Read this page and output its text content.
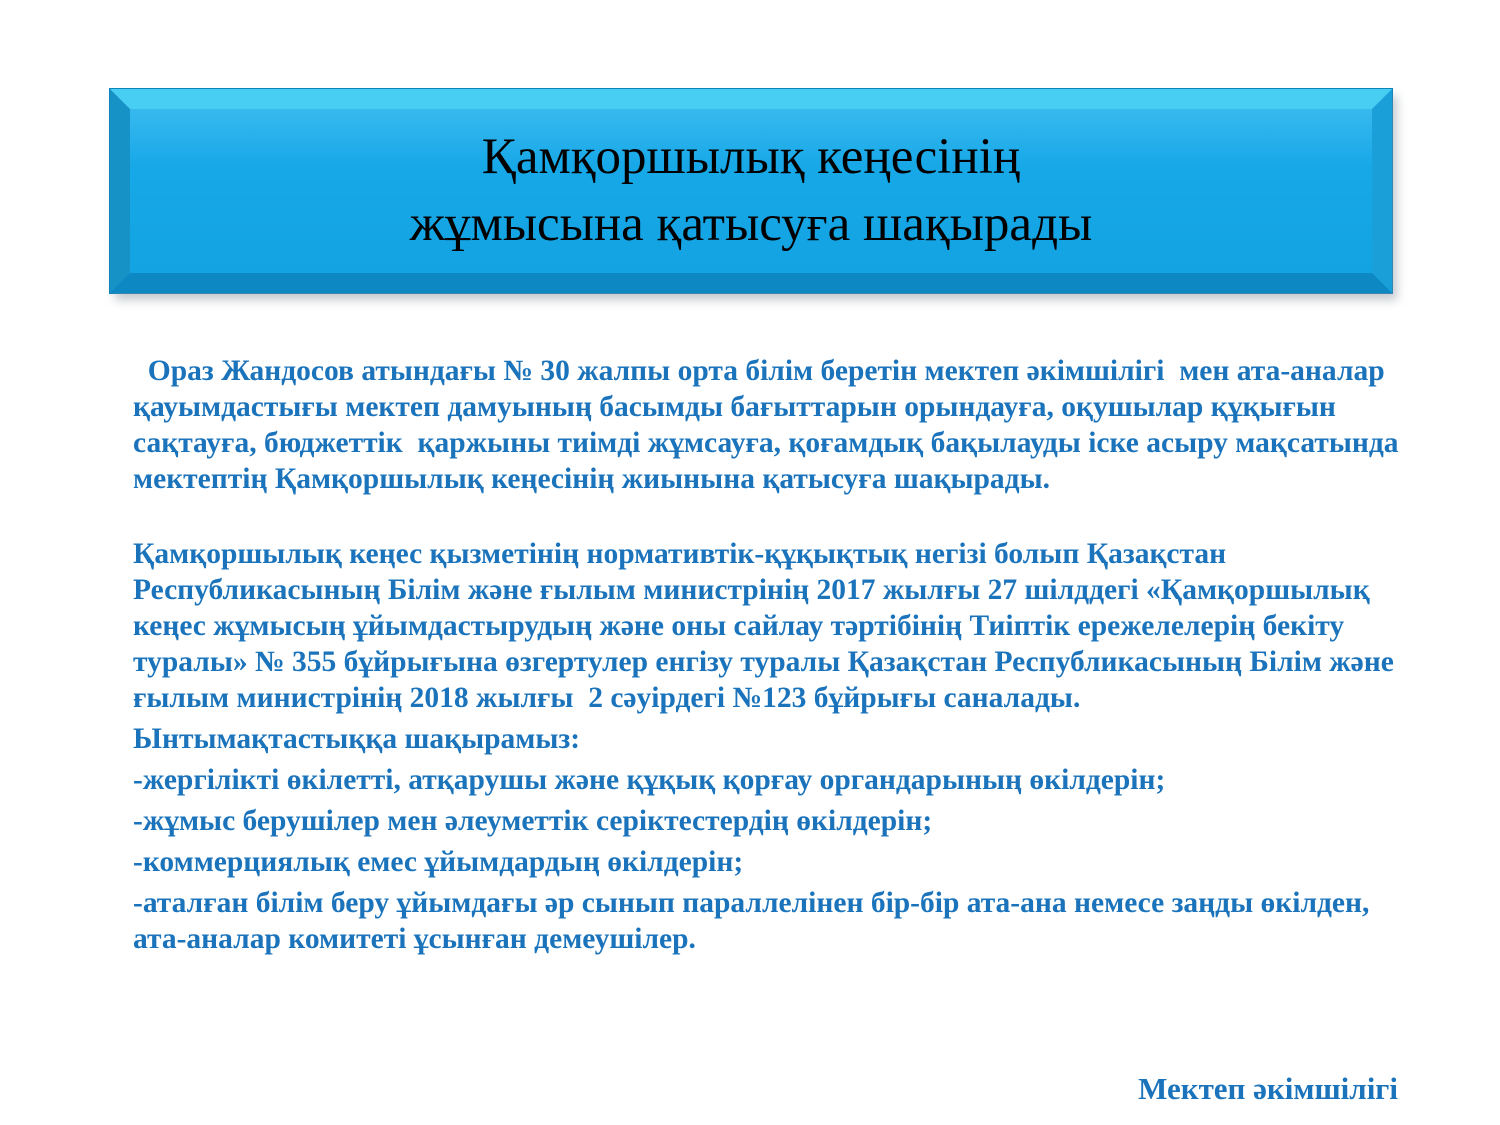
Қамқоршылық кеңесінің
жұмысына қатысуға шақырады

Ораз Жандосов атындағы № 30 жалпы орта білім беретін мектеп әкімшілігі  мен ата-аналар қауымдастығы мектеп дамуының басымды бағыттарын орындауға, оқушылар құқығын сақтауға, бюджеттік  қаржыны тиімді жұмсауға, қоғамдық бақылауды іске асыру мақсатында мектептің Қамқоршылық кеңесінің жиынына қатысуға шақырады.

Қамқоршылық кеңес қызметінің нормативтік-құқықтық негізі болып Қазақстан Республикасының Білім және ғылым министрінің 2017 жылғы 27 шілддегі «Қамқоршылық кеңес жұмысың ұйымдастырудың және оны сайлау тәртібінің Тиіптік ережелелерің бекіту туралы» № 355 бұйрығына өзгертулер енгізу туралы Қазақстан Республикасының Білім және ғылым министрінің 2018 жылғы  2 сәуірдегі №123 бұйрығы саналады.

Ынтымақтастыққа шақырамыз:

-жергілікті өкілетті, атқарушы және құқық қорғау органдарының өкілдерін;

-жұмыс берушілер мен әлеуметтік серіктестердің өкілдерін;

-коммерциялық емес ұйымдардың өкілдерін;

-аталған білім беру ұйымдағы әр сынып параллелінен бір-бір ата-ана немесе заңды өкілден, ата-аналар комитеті ұсынған демеушілер.

Мектеп әкімшілігі
